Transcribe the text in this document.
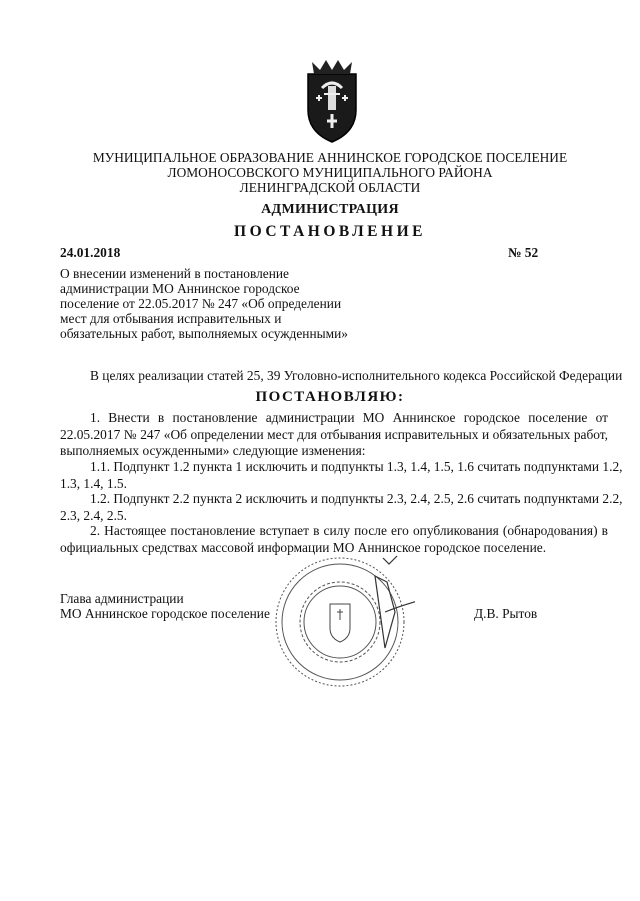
МУНИЦИПАЛЬНОЕ ОБРАЗОВАНИЕ АННИНСКОЕ ГОРОДСКОЕ ПОСЕЛЕНИЕ
ЛОМОНОСОВСКОГО МУНИЦИПАЛЬНОГО РАЙОНА
ЛЕНИНГРАДСКОЙ ОБЛАСТИ
АДМИНИСТРАЦИЯ
ПОСТАНОВЛЕНИЕ
24.01.2018	№ 52
О внесении изменений в постановление
администрации МО Аннинское городское
поселение от 22.05.2017 № 247 «Об определении
мест для отбывания исправительных и
обязательных работ, выполняемых осужденными»
В целях реализации статей 25, 39 Уголовно-исполнительного кодекса Российской Федерации
ПОСТАНОВЛЯЮ:
1. Внести в постановление администрации МО Аннинское городское поселение от
22.05.2017 № 247 «Об определении мест для отбывания исправительных и обязательных работ,
выполняемых осужденными» следующие изменения:
1.1. Подпункт 1.2 пункта 1 исключить и подпункты 1.3, 1.4, 1.5, 1.6 считать подпунктами 1.2,
1.3, 1.4, 1.5.
1.2. Подпункт 2.2 пункта 2 исключить и подпункты 2.3, 2.4, 2.5, 2.6 считать подпунктами 2.2,
2.3, 2.4, 2.5.
2. Настоящее постановление вступает в силу после его опубликования (обнародования) в
официальных средствах массовой информации МО Аннинское городское поселение.
Глава администрации
МО Аннинское городское поселение	Д.В. Рытов
